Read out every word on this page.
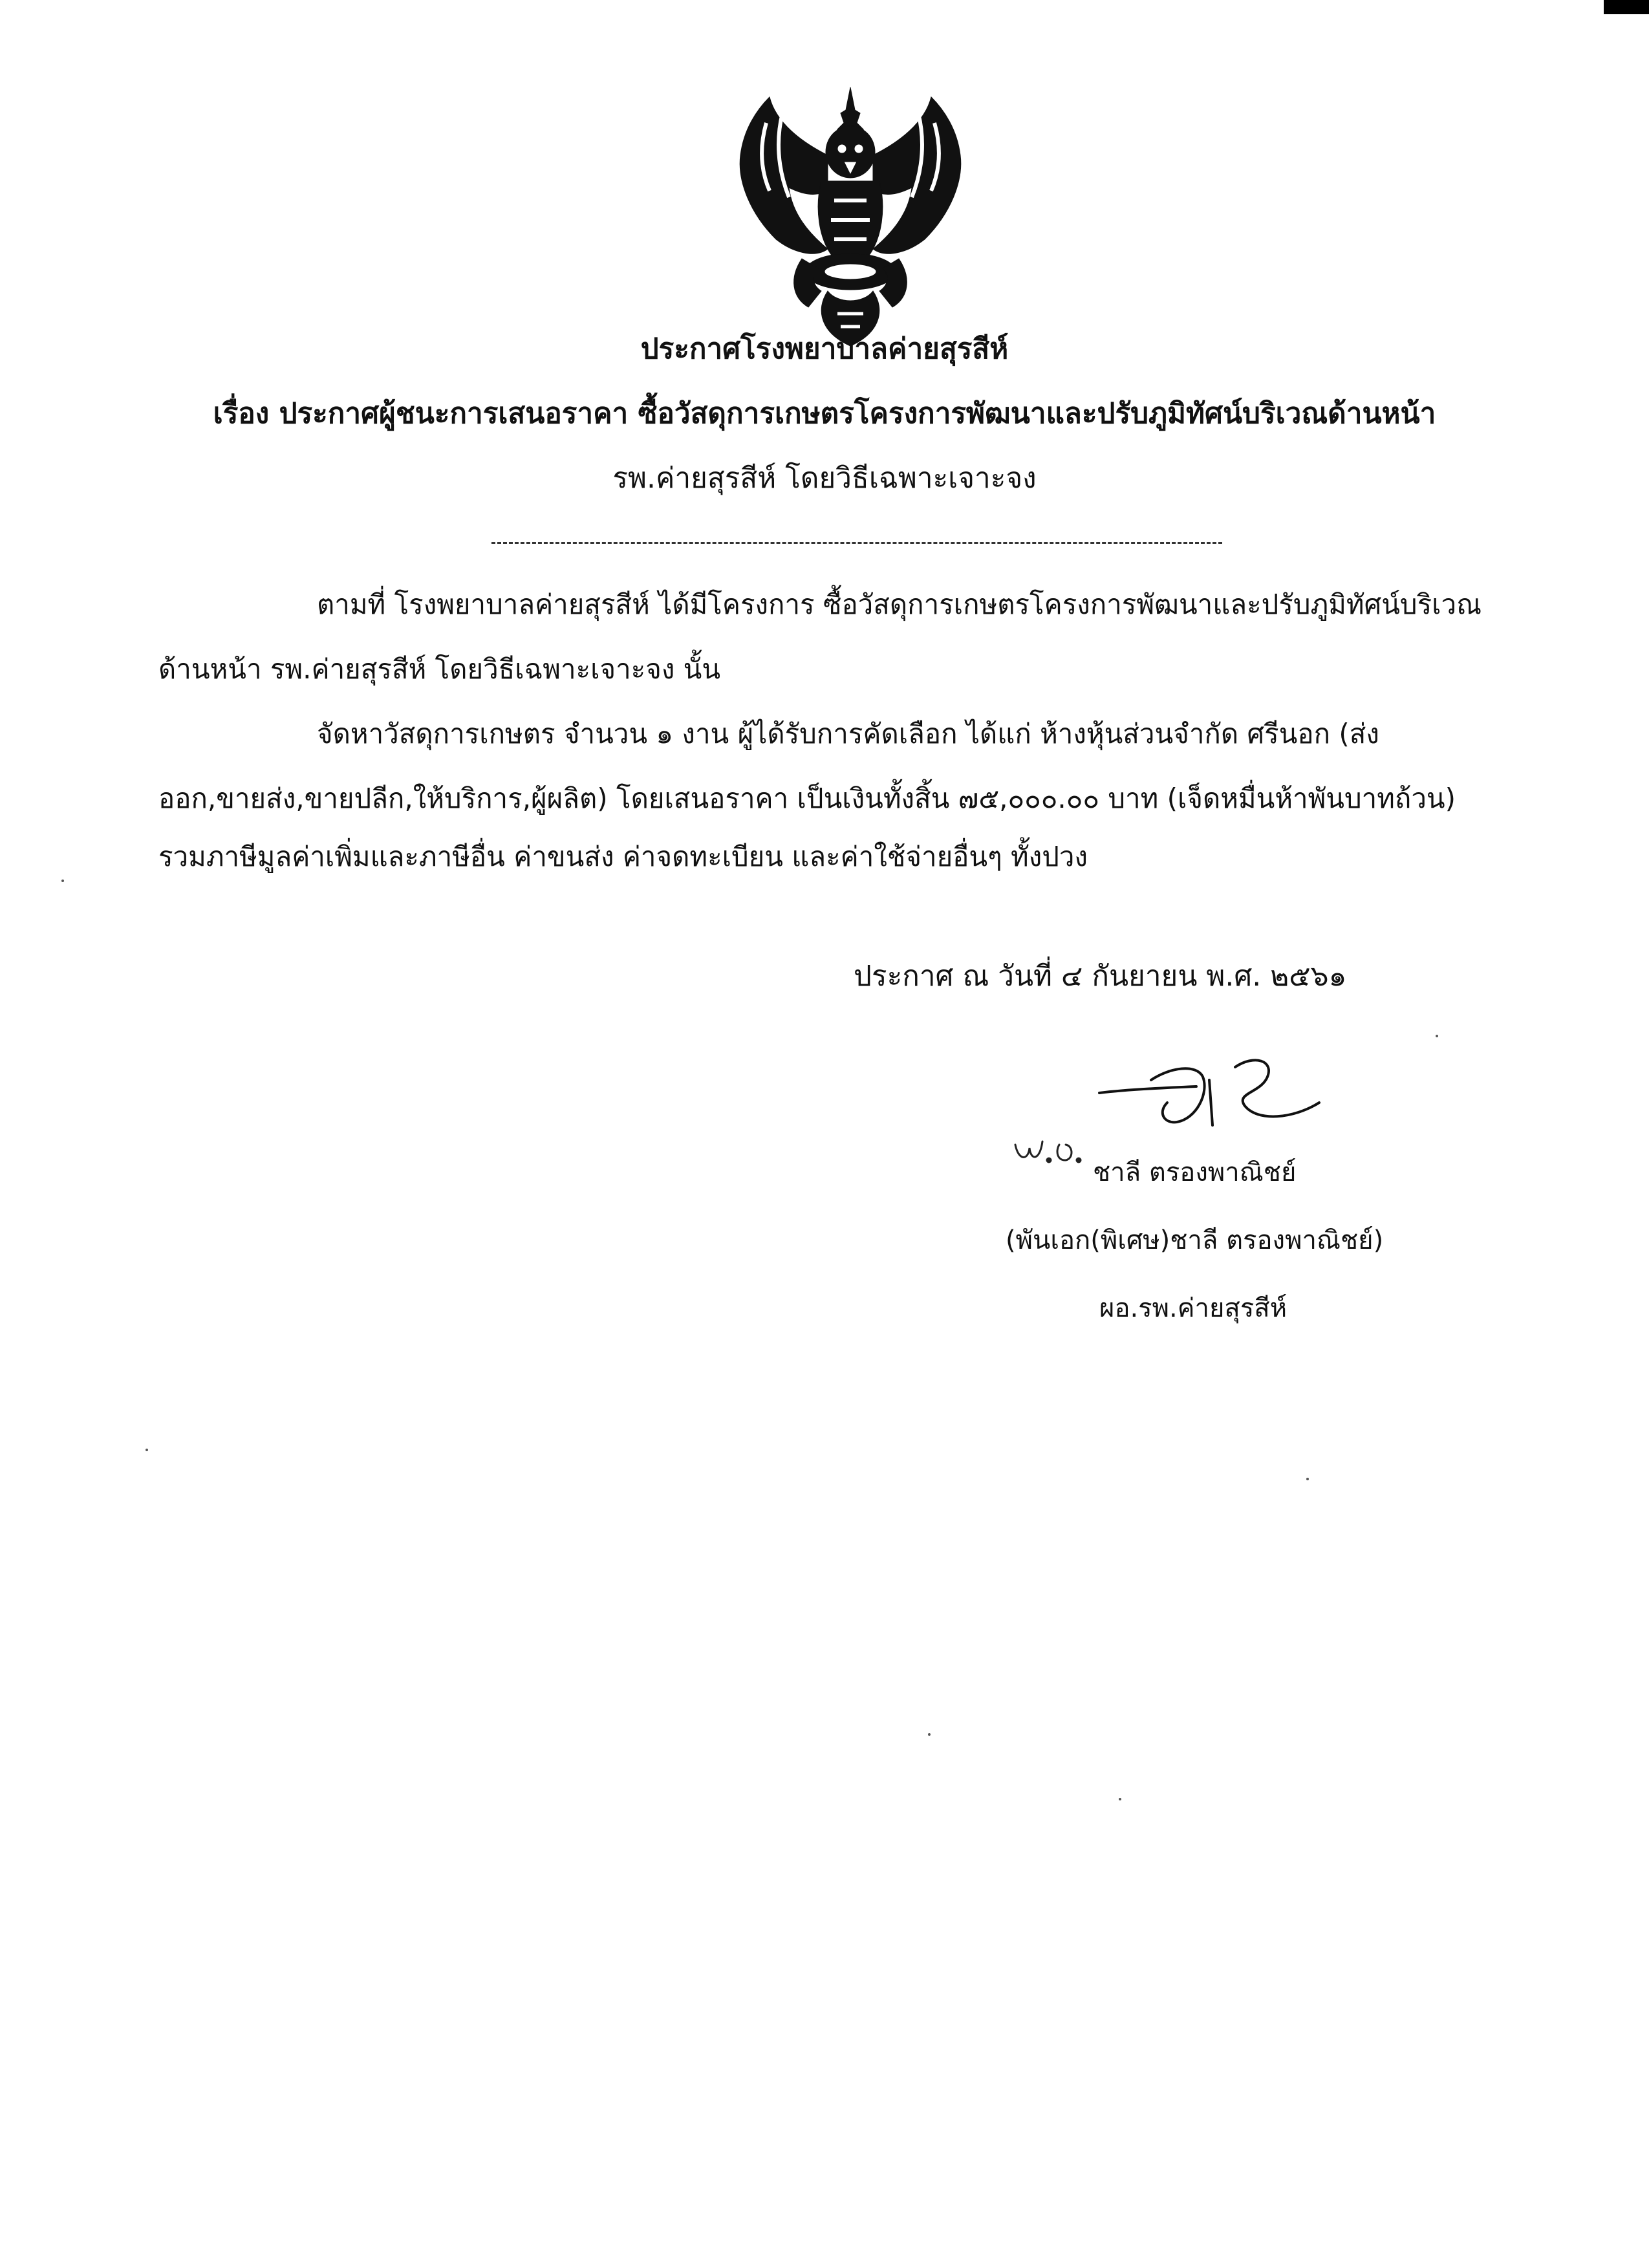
ประกาศโรงพยาบาลค่ายสุรสีห์
เรื่อง ประกาศผู้ชนะการเสนอราคา ซื้อวัสดุการเกษตรโครงการพัฒนาและปรับภูมิทัศน์บริเวณด้านหน้า
รพ.ค่ายสุรสีห์ โดยวิธีเฉพาะเจาะจง
ตามที่ โรงพยาบาลค่ายสุรสีห์ ได้มีโครงการ ซื้อวัสดุการเกษตรโครงการพัฒนาและปรับภูมิทัศน์บริเวณ
ด้านหน้า รพ.ค่ายสุรสีห์ โดยวิธีเฉพาะเจาะจง นั้น
จัดหาวัสดุการเกษตร จำนวน ๑ งาน ผู้ได้รับการคัดเลือก ได้แก่ ห้างหุ้นส่วนจำกัด ศรีนอก (ส่ง
ออก,ขายส่ง,ขายปลีก,ให้บริการ,ผู้ผลิต) โดยเสนอราคา เป็นเงินทั้งสิ้น ๗๕,๐๐๐.๐๐ บาท (เจ็ดหมื่นห้าพันบาทถ้วน)
รวมภาษีมูลค่าเพิ่มและภาษีอื่น ค่าขนส่ง ค่าจดทะเบียน และค่าใช้จ่ายอื่นๆ ทั้งปวง
ประกาศ ณ วันที่ ๔ กันยายน พ.ศ. ๒๕๖๑
ชาลี ตรองพาณิชย์
(พันเอก(พิเศษ)ชาลี ตรองพาณิชย์)
ผอ.รพ.ค่ายสุรสีห์
